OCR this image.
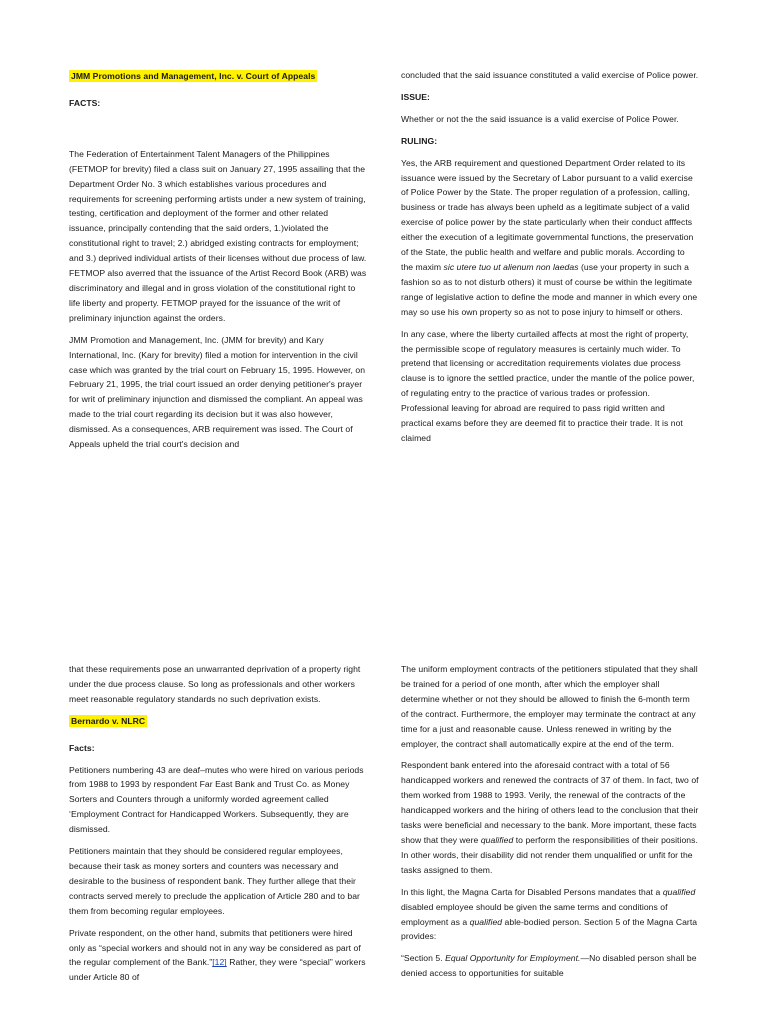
JMM Promotions and Management, Inc. v. Court of Appeals

FACTS:

The Federation of Entertainment Talent Managers of the Philippines (FETMOP for brevity) filed a class suit on January 27, 1995 assailing that the Department Order No. 3 which establishes various procedures and requirements for screening performing artists under a new system of training, testing, certification and deployment of the former and other related issuance, principally contending that the said orders, 1.)violated the constitutional right to travel; 2.) abridged existing contracts for employment; and 3.) deprived individual artists of their licenses without due process of law. FETMOP also averred that the issuance of the Artist Record Book (ARB) was discriminatory and illegal and in gross violation of the constitutional right to life liberty and property. FETMOP prayed for the issuance of the writ of preliminary injunction against the orders.

JMM Promotion and Management, Inc. (JMM for brevity) and Kary International, Inc. (Kary for brevity) filed a motion for intervention in the civil case which was granted by the trial court on February 15, 1995. However, on February 21, 1995, the trial court issued an order denying petitioner's prayer for writ of preliminary injunction and dismissed the compliant. An appeal was made to the trial court regarding its decision but it was also however, dismissed. As a consequences, ARB requirement was issed. The Court of Appeals upheld the trial court's decision and

concluded that the said issuance constituted a valid exercise of Police power.

ISSUE:

Whether or not the the said issuance is a valid exercise of Police Power.

RULING:

Yes, the ARB requirement and questioned Department Order related to its issuance were issued by the Secretary of Labor pursuant to a valid exercise of Police Power by the State. The proper regulation of a profession, calling, business or trade has always been upheld as a legitimate subject of a valid exercise of police power by the state particularly when their conduct afffects either the execution of a legitimate governmental functions, the preservation of the State, the public health and welfare and public morals. According to the maxim sic utere tuo ut alienum non laedas (use your property in such a fashion so as to not disturb others) it must of course be within the legitimate range of legislative action to define the mode and manner in which every one may so use his own property so as not to pose injury to himself or others.

In any case, where the liberty curtailed affects at most the right of property, the permissible scope of regulatory measures is certainly much wider. To pretend that licensing or accreditation requirements violates due process clause is to ignore the settled practice, under the mantle of the police power, of regulating entry to the practice of various trades or profession. Professional leaving for abroad are required to pass rigid written and practical exams before they are deemed fit to practice their trade. It is not claimed

that these requirements pose an unwarranted deprivation of a property right under the due process clause. So long as professionals and other workers meet reasonable regulatory standards no such deprivation exists.

Bernardo v. NLRC

Facts:

Petitioners numbering 43 are deaf–mutes who were hired on various periods from 1988 to 1993 by respondent Far East Bank and Trust Co. as Money Sorters and Counters through a uniformly worded agreement called ‘Employment Contract for Handicapped Workers. Subsequently, they are dismissed.

Petitioners maintain that they should be considered regular employees, because their task as money sorters and counters was necessary and desirable to the business of respondent bank. They further allege that their contracts served merely to preclude the application of Article 280 and to bar them from becoming regular employees.

Private respondent, on the other hand, submits that petitioners were hired only as “special workers and should not in any way be considered as part of the regular complement of the Bank.”[12] Rather, they were “special” workers under Article 80 of

The uniform employment contracts of the petitioners stipulated that they shall be trained for a period of one month, after which the employer shall determine whether or not they should be allowed to finish the 6-month term of the contract. Furthermore, the employer may terminate the contract at any time for a just and reasonable cause. Unless renewed in writing by the employer, the contract shall automatically expire at the end of the term.

Respondent bank entered into the aforesaid contract with a total of 56 handicapped workers and renewed the contracts of 37 of them. In fact, two of them worked from 1988 to 1993. Verily, the renewal of the contracts of the handicapped workers and the hiring of others lead to the conclusion that their tasks were beneficial and necessary to the bank. More important, these facts show that they were qualified to perform the responsibilities of their positions. In other words, their disability did not render them unqualified or unfit for the tasks assigned to them.

In this light, the Magna Carta for Disabled Persons mandates that a qualified disabled employee should be given the same terms and conditions of employment as a qualified able-bodied person. Section 5 of the Magna Carta provides:

“Section 5. Equal Opportunity for Employment.—No disabled person shall be denied access to opportunities for suitable
